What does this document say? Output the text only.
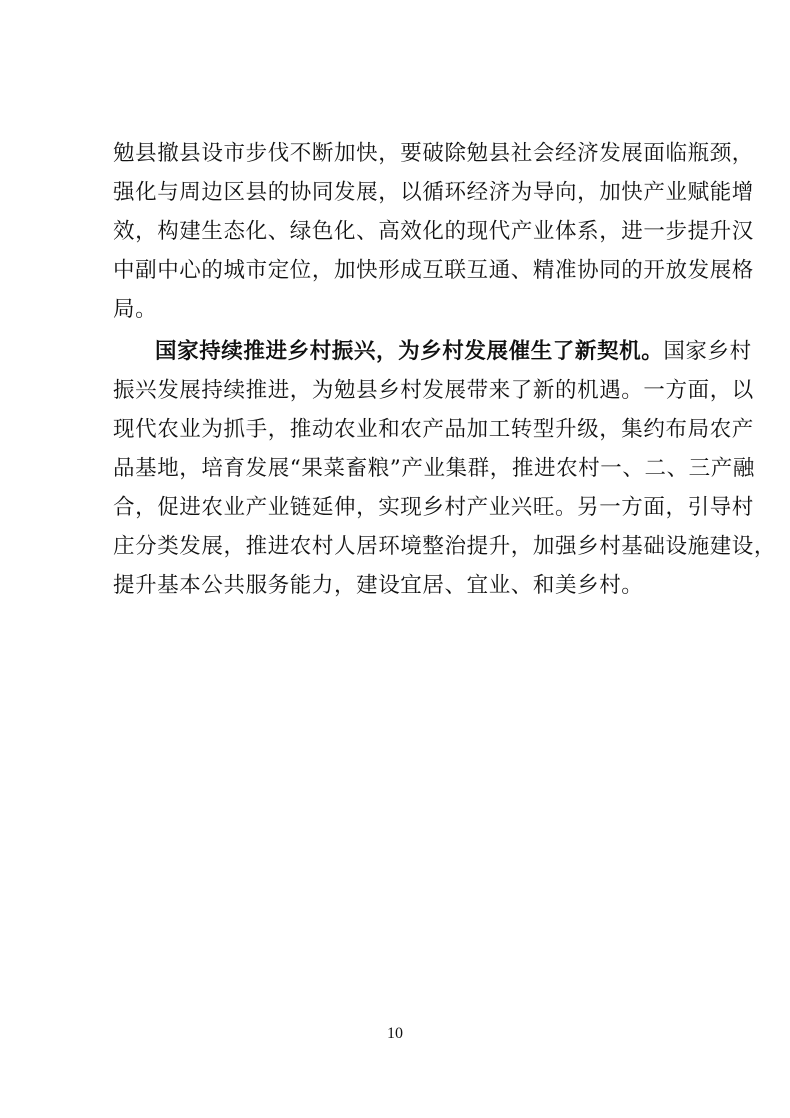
勉县撤县设市步伐不断加快，要破除勉县社会经济发展面临瓶颈，
强化与周边区县的协同发展，以循环经济为导向，加快产业赋能增
效，构建生态化、绿色化、高效化的现代产业体系，进一步提升汉
中副中心的城市定位，加快形成互联互通、精准协同的开放发展格
局。
国家持续推进乡村振兴，为乡村发展催生了新契机。国家乡村
振兴发展持续推进，为勉县乡村发展带来了新的机遇。一方面，以
现代农业为抓手，推动农业和农产品加工转型升级，集约布局农产
品基地，培育发展“果菜畜粮”产业集群，推进农村一、二、三产融
合，促进农业产业链延伸，实现乡村产业兴旺。另一方面，引导村
庄分类发展，推进农村人居环境整治提升，加强乡村基础设施建设，
提升基本公共服务能力，建设宜居、宜业、和美乡村。
10
